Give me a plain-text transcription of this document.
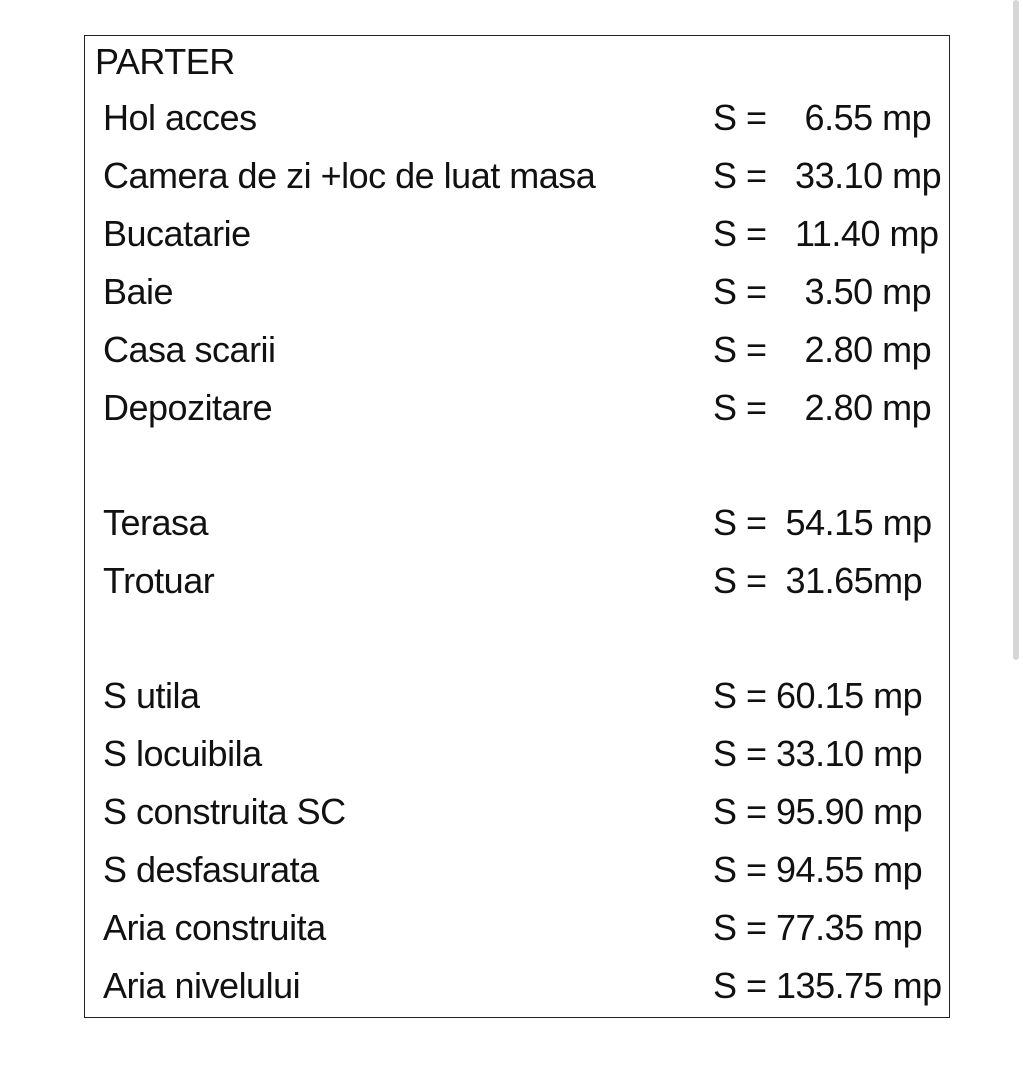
PARTER
Hol acces	S =    6.55 mp
Camera de zi +loc de luat masa	S =   33.10 mp
Bucatarie	S =   11.40 mp
Baie	S =    3.50 mp
Casa scarii	S =    2.80 mp
Depozitare	S =    2.80 mp
Terasa	S =  54.15 mp
Trotuar	S =  31.65mp
S utila	S = 60.15 mp
S locuibila	S = 33.10 mp
S construita SC	S = 95.90 mp
S desfasurata	S = 94.55 mp
Aria construita	S = 77.35 mp
Aria nivelului	S = 135.75 mp
